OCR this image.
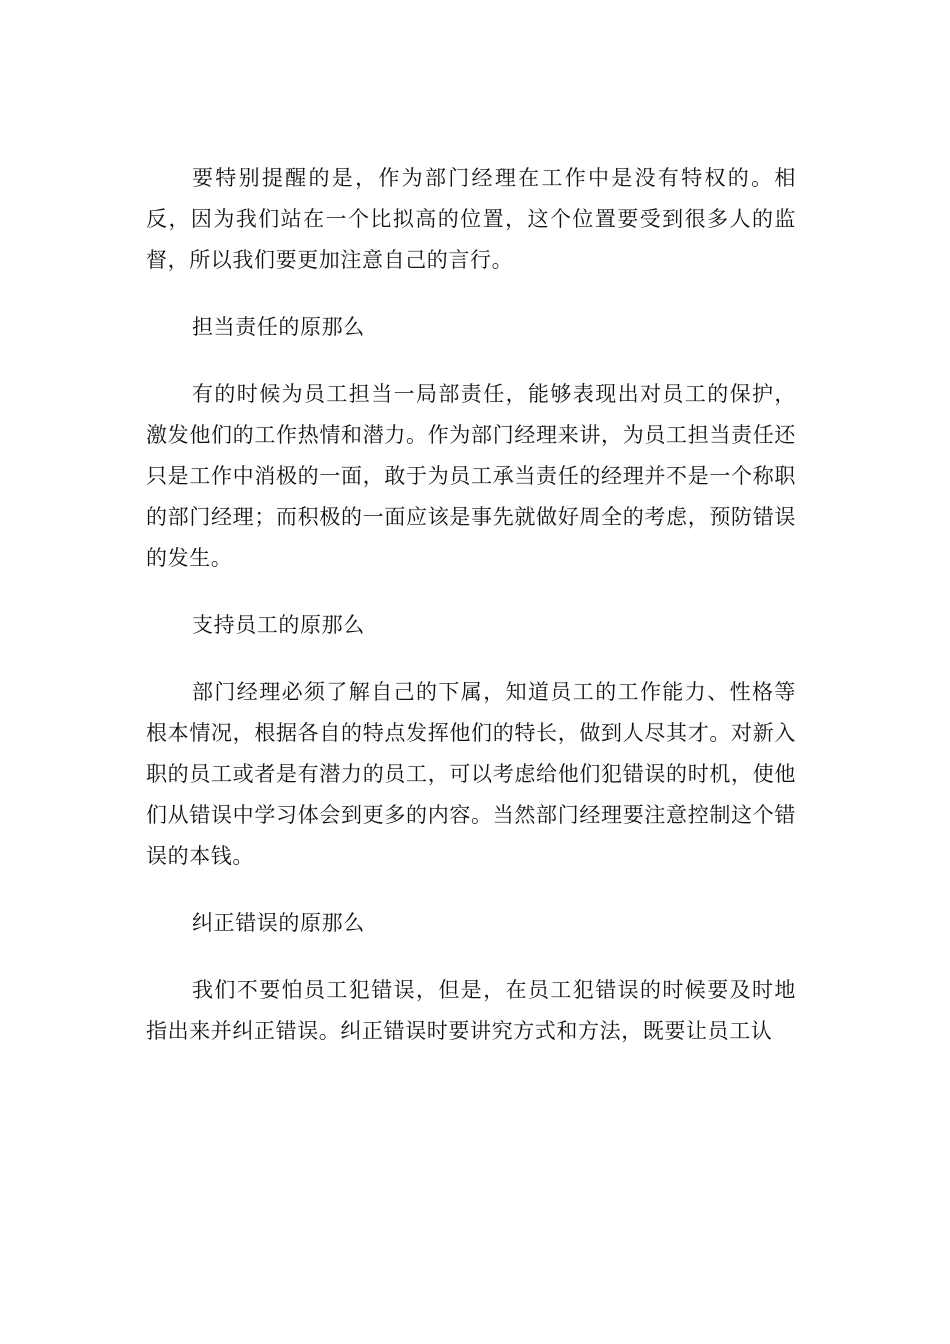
要特别提醒的是，作为部门经理在工作中是没有特权的。相反，因为我们站在一个比拟高的位置，这个位置要受到很多人的监督，所以我们要更加注意自己的言行。

担当责任的原那么

有的时候为员工担当一局部责任，能够表现出对员工的保护，激发他们的工作热情和潜力。作为部门经理来讲，为员工担当责任还只是工作中消极的一面，敢于为员工承当责任的经理并不是一个称职的部门经理；而积极的一面应该是事先就做好周全的考虑，预防错误的发生。

支持员工的原那么

部门经理必须了解自己的下属，知道员工的工作能力、性格等根本情况，根据各自的特点发挥他们的特长，做到人尽其才。对新入职的员工或者是有潜力的员工，可以考虑给他们犯错误的时机，使他们从错误中学习体会到更多的内容。当然部门经理要注意控制这个错误的本钱。

纠正错误的原那么

我们不要怕员工犯错误，但是，在员工犯错误的时候要及时地指出来并纠正错误。纠正错误时要讲究方式和方法，既要让员工认
